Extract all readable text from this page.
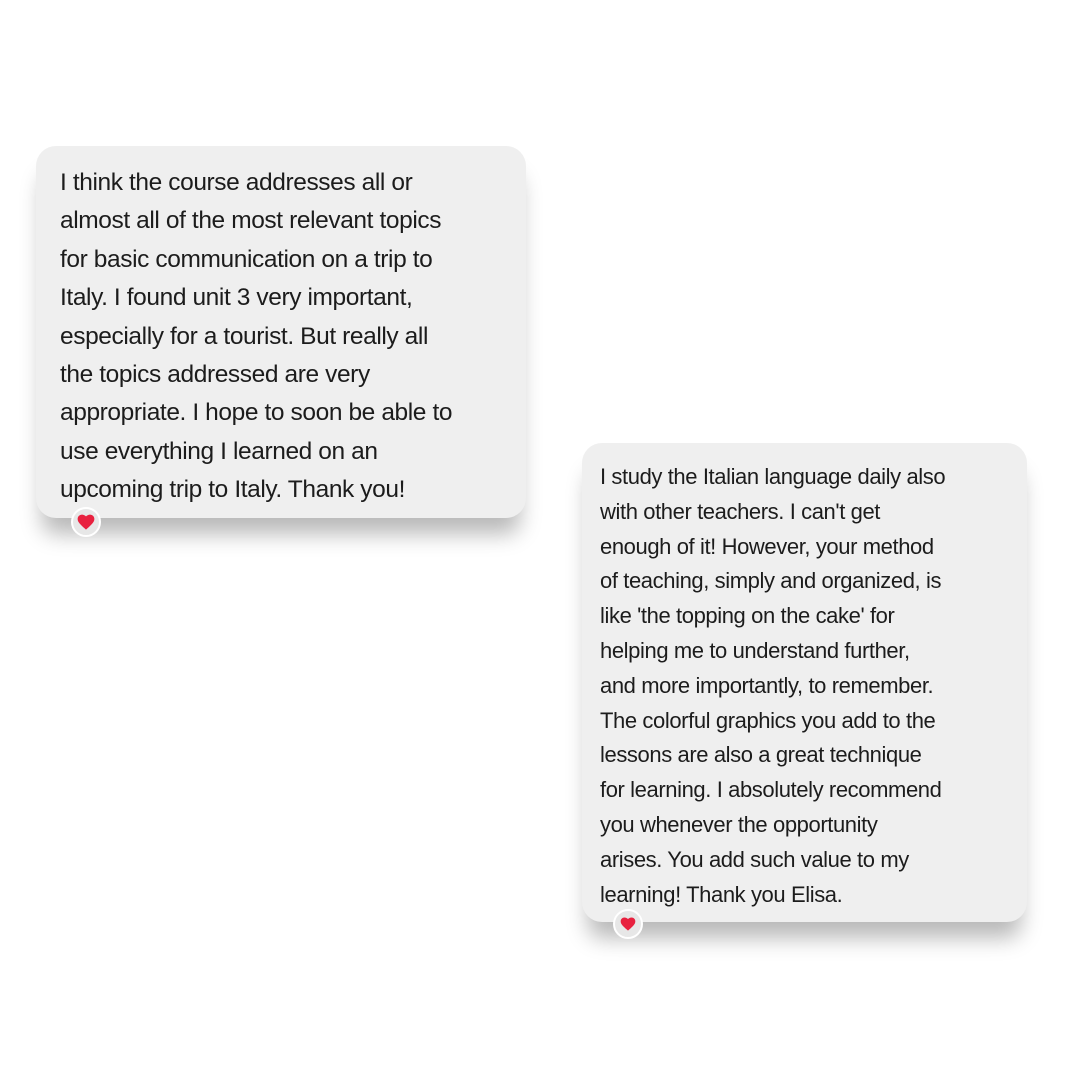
I think the course addresses all or
almost all of the most relevant topics
for basic communication on a trip to
Italy. I found unit 3 very important,
especially for a tourist. But really all
the topics addressed are very
appropriate. I hope to soon be able to
use everything I learned on an
upcoming trip to Italy. Thank you!	I study the Italian language daily also
with other teachers. I can't get
enough of it! However, your method
of teaching, simply and organized, is
like 'the topping on the cake' for
helping me to understand further,
and more importantly, to remember.
The colorful graphics you add to the
lessons are also a great technique
for learning. I absolutely recommend
you whenever the opportunity
arises. You add such value to my
learning! Thank you Elisa.
